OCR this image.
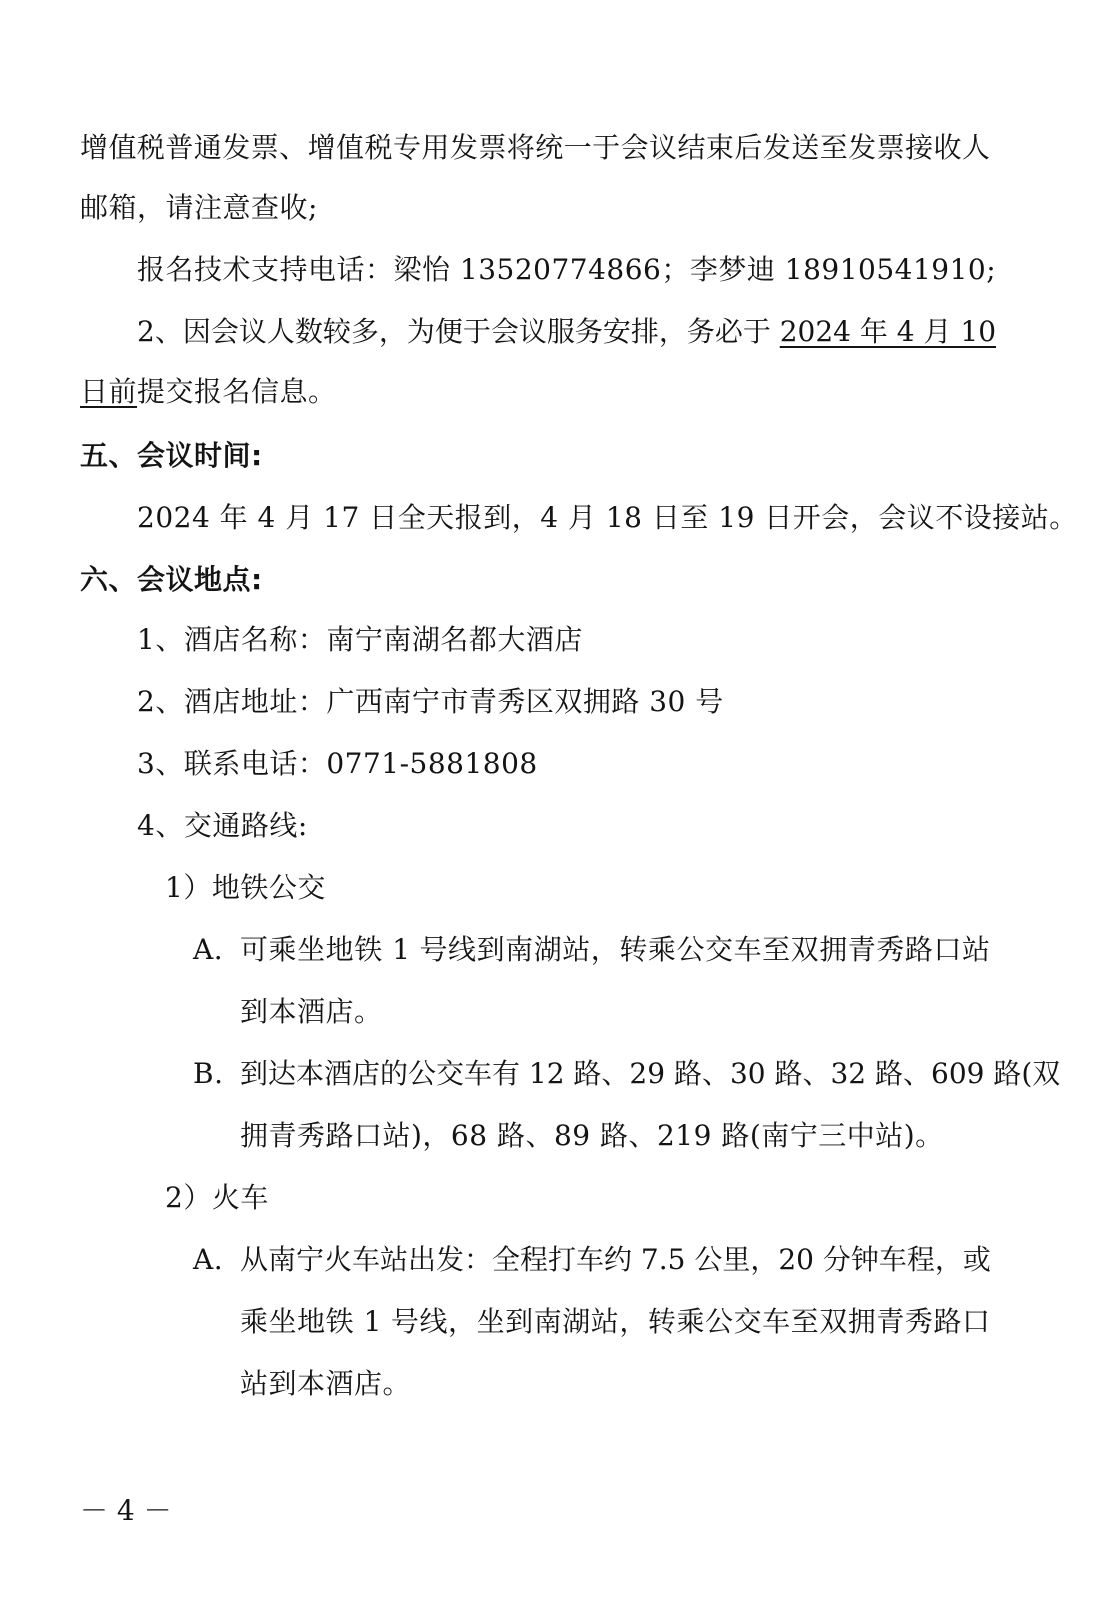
增值税普通发票、增值税专用发票将统一于会议结束后发送至发票接收人
邮箱，请注意查收;
报名技术支持电话：梁怡 13520774866；李梦迪 18910541910;
2、因会议人数较多，为便于会议服务安排，务必于 2024 年 4 月 10
日前提交报名信息。
五、会议时间:
2024 年 4 月 17 日全天报到，4 月 18 日至 19 日开会，会议不设接站。
六、会议地点:
1、酒店名称：南宁南湖名都大酒店
2、酒店地址：广西南宁市青秀区双拥路 30 号
3、联系电话：0771-5881808
4、交通路线:
1）地铁公交
A. 可乘坐地铁 1 号线到南湖站，转乘公交车至双拥青秀路口站
到本酒店。
B. 到达本酒店的公交车有 12 路、29 路、30 路、32 路、609 路(双
拥青秀路口站)，68 路、89 路、219 路(南宁三中站)。
2）火车
A. 从南宁火车站出发：全程打车约 7.5 公里，20 分钟车程，或
乘坐地铁 1 号线，坐到南湖站，转乘公交车至双拥青秀路口
站到本酒店。
－ 4 －
